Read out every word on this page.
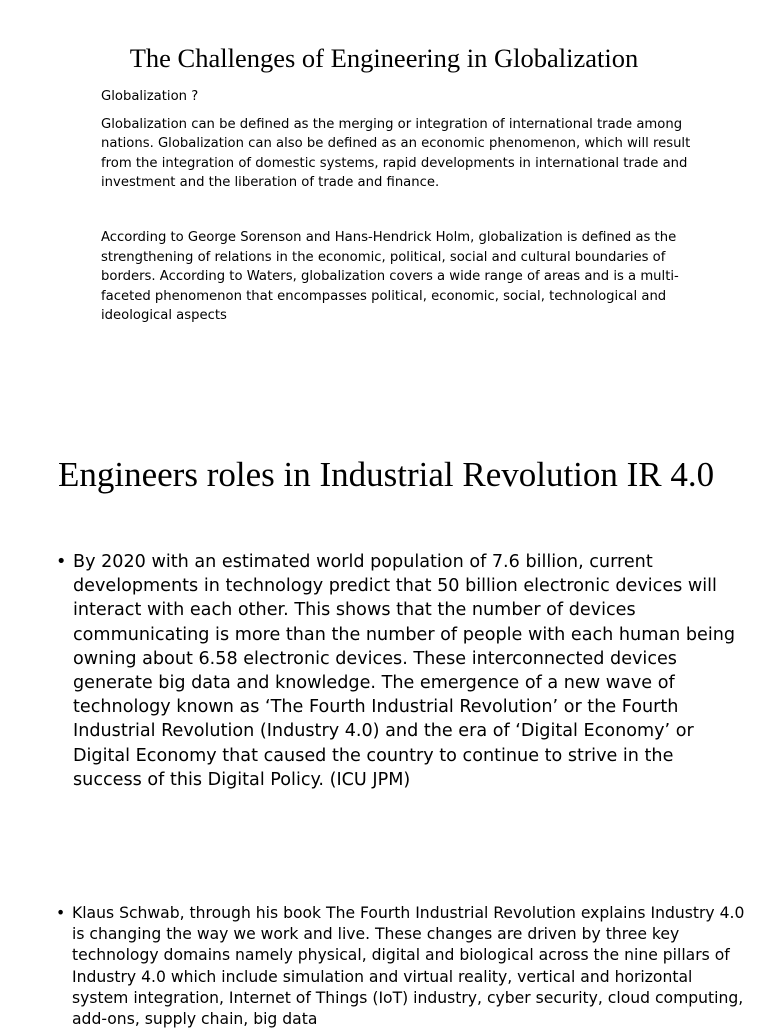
The Challenges of Engineering in Globalization

Globalization ?

Globalization can be defined as the merging or integration of international trade among nations. Globalization can also be defined as an economic phenomenon, which will result from the integration of domestic systems, rapid developments in international trade and investment and the liberation of trade and finance.

According to George Sorenson and Hans-Hendrick Holm, globalization is defined as the strengthening of relations in the economic, political, social and cultural boundaries of borders. According to Waters, globalization covers a wide range of areas and is a multi-faceted phenomenon that encompasses political, economic, social, technological and ideological aspects

Engineers roles in Industrial Revolution IR 4.0
• By 2020 with an estimated world population of 7.6 billion, current developments in technology predict that 50 billion electronic devices will interact with each other. This shows that the number of devices communicating is more than the number of people with each human being owning about 6.58 electronic devices. These interconnected devices generate big data and knowledge. The emergence of a new wave of technology known as ‘The Fourth Industrial Revolution’ or the Fourth Industrial Revolution (Industry 4.0) and the era of ‘Digital Economy’ or Digital Economy that caused the country to continue to strive in the success of this Digital Policy. (ICU JPM)
• Klaus Schwab, through his book The Fourth Industrial Revolution explains Industry 4.0 is changing the way we work and live. These changes are driven by three key technology domains namely physical, digital and biological across the nine pillars of Industry 4.0 which include simulation and virtual reality, vertical and horizontal system integration, Internet of Things (IoT) industry, cyber security, cloud computing, add-ons, supply chain, big data
